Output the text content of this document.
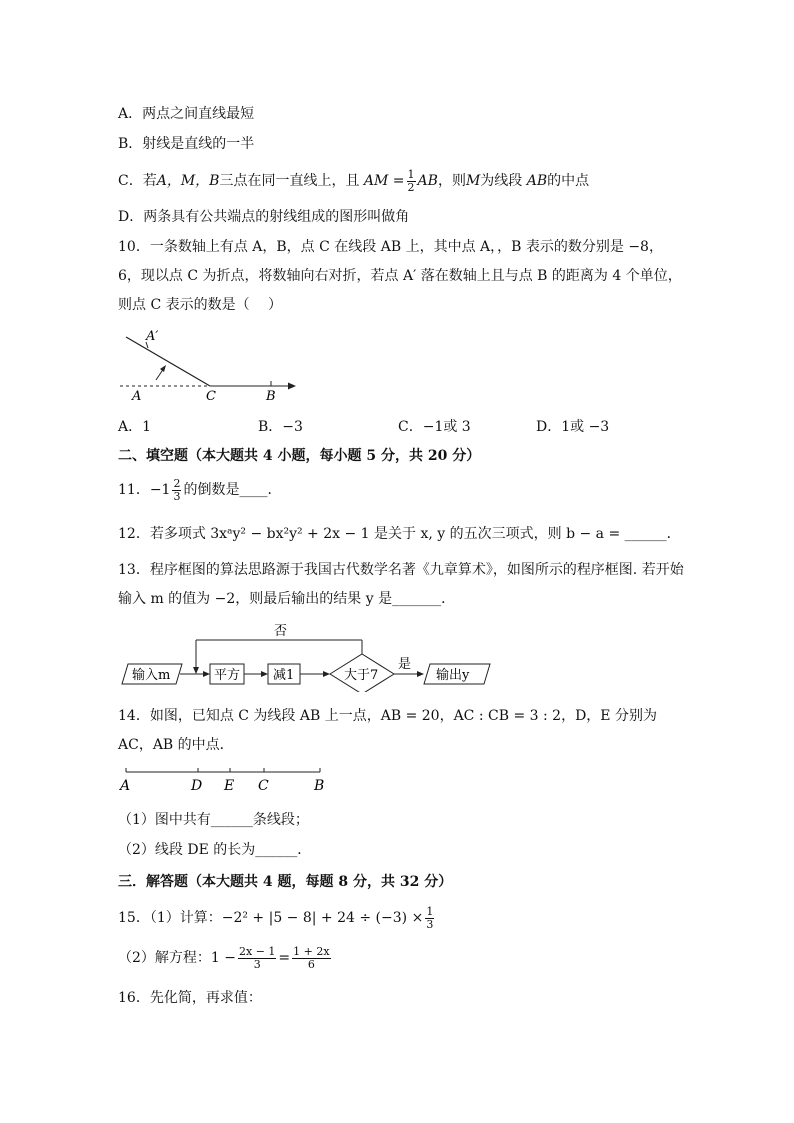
A．两点之间直线最短
B．射线是直线的一半
C．若A，M，B三点在同一直线上，且 AM = $\frac{1}{2}$ AB，则M为线段 AB的中点
D．两条具有公共端点的射线组成的图形叫做角
10．一条数轴上有点 A，B，点 C 在线段 AB 上，其中点 A，，B 表示的数分别是 −8，6，现以点 C 为折点，将数轴向右对折，若点 A′ 落在数轴上且与点 B 的距离为 4 个单位，则点 C 表示的数是（　 ）
A′
A	C	B
A．1	B．−3	C．−1或 3	D．1或 −3
二、填空题（本大题共 4 小题，每小题 5 分，共 20 分）
11．$-1 \frac{2}{3}$ 的倒数是____．
12．若多项式 3xᵃy² − bx²y² + 2x − 1 是关于 x, y 的五次三项式，则 b − a = ______．
13．程序框图的算法思路源于我国古代数学名著《九章算术》，如图所示的程序框图. 若开始输入 m 的值为 −2，则最后输出的结果 y 是_______．
输入m	平方	减1	大于7
否
是
输出y
14．如图，已知点 C 为线段 AB 上一点，AB = 20，AC : CB = 3 : 2，D，E 分别为 AC，AB 的中点．
A	D E C	B
（1）图中共有______条线段；
（2）线段 DE 的长为______．
三．解答题（本大题共 4 题，每题 8 分，共 32 分）
15．（1）计算：$-2^2 + |5 - 8| + 24 \div (-3) \times \frac{1}{3}$
（2）解方程：$1 - \frac{2x - 1}{3} = \frac{1 + 2x}{6}$
16．先化简，再求值：
